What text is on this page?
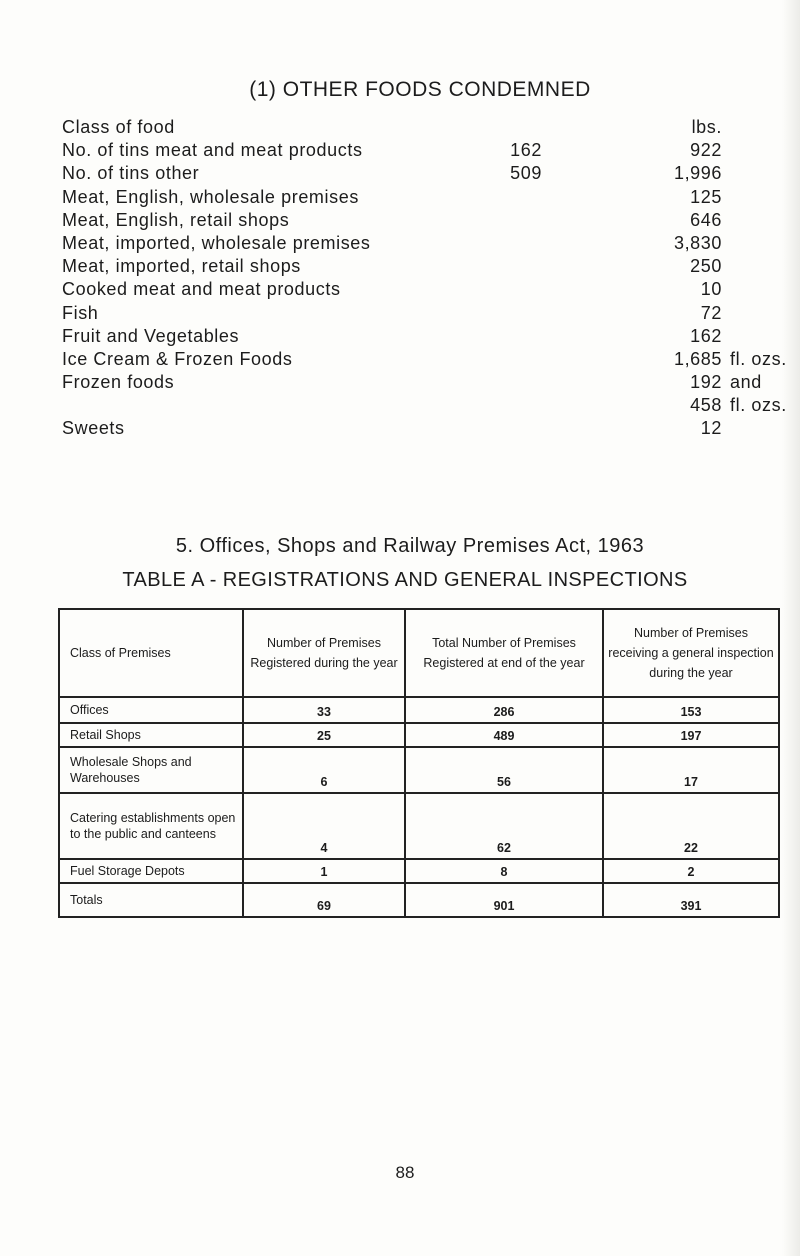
(1) OTHER FOODS CONDEMNED
Class of food	lbs.
No. of tins meat and meat products	162	922
No. of tins other	509	1,996
Meat, English, wholesale premises	125
Meat, English, retail shops	646
Meat, imported, wholesale premises	3,830
Meat, imported, retail shops	250
Cooked meat and meat products	10
Fish	72
Fruit and Vegetables	162
Ice Cream & Frozen Foods	1,685 fl. ozs.
Frozen foods	192 and
458 fl. ozs.
Sweets	12
5. Offices, Shops and Railway Premises Act, 1963
TABLE A - REGISTRATIONS AND GENERAL INSPECTIONS
Class of Premises	Number of Premises Registered during the year	Total Number of Premises Registered at end of the year	Number of Premises receiving a general inspection during the year
Offices	33	286	153
Retail Shops	25	489	197
Wholesale Shops and Warehouses	6	56	17
Catering establishments open to the public and canteens	4	62	22
Fuel Storage Depots	1	8	2
Totals	69	901	391
88
